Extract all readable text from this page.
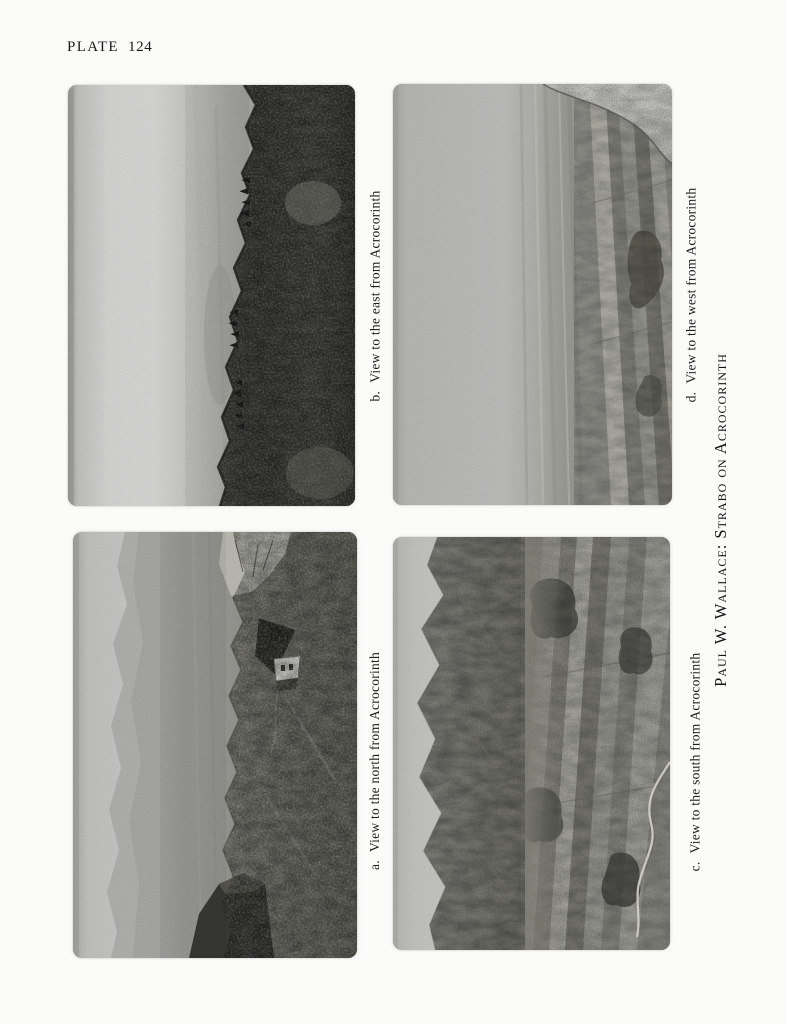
PLATE 124
b.View to the east from Acrocorinth
d.View to the west from Acrocorinth
a.View to the north from Acrocorinth
c.View to the south from Acrocorinth
Paul W. Wallace: Strabo on Acrocorinth
